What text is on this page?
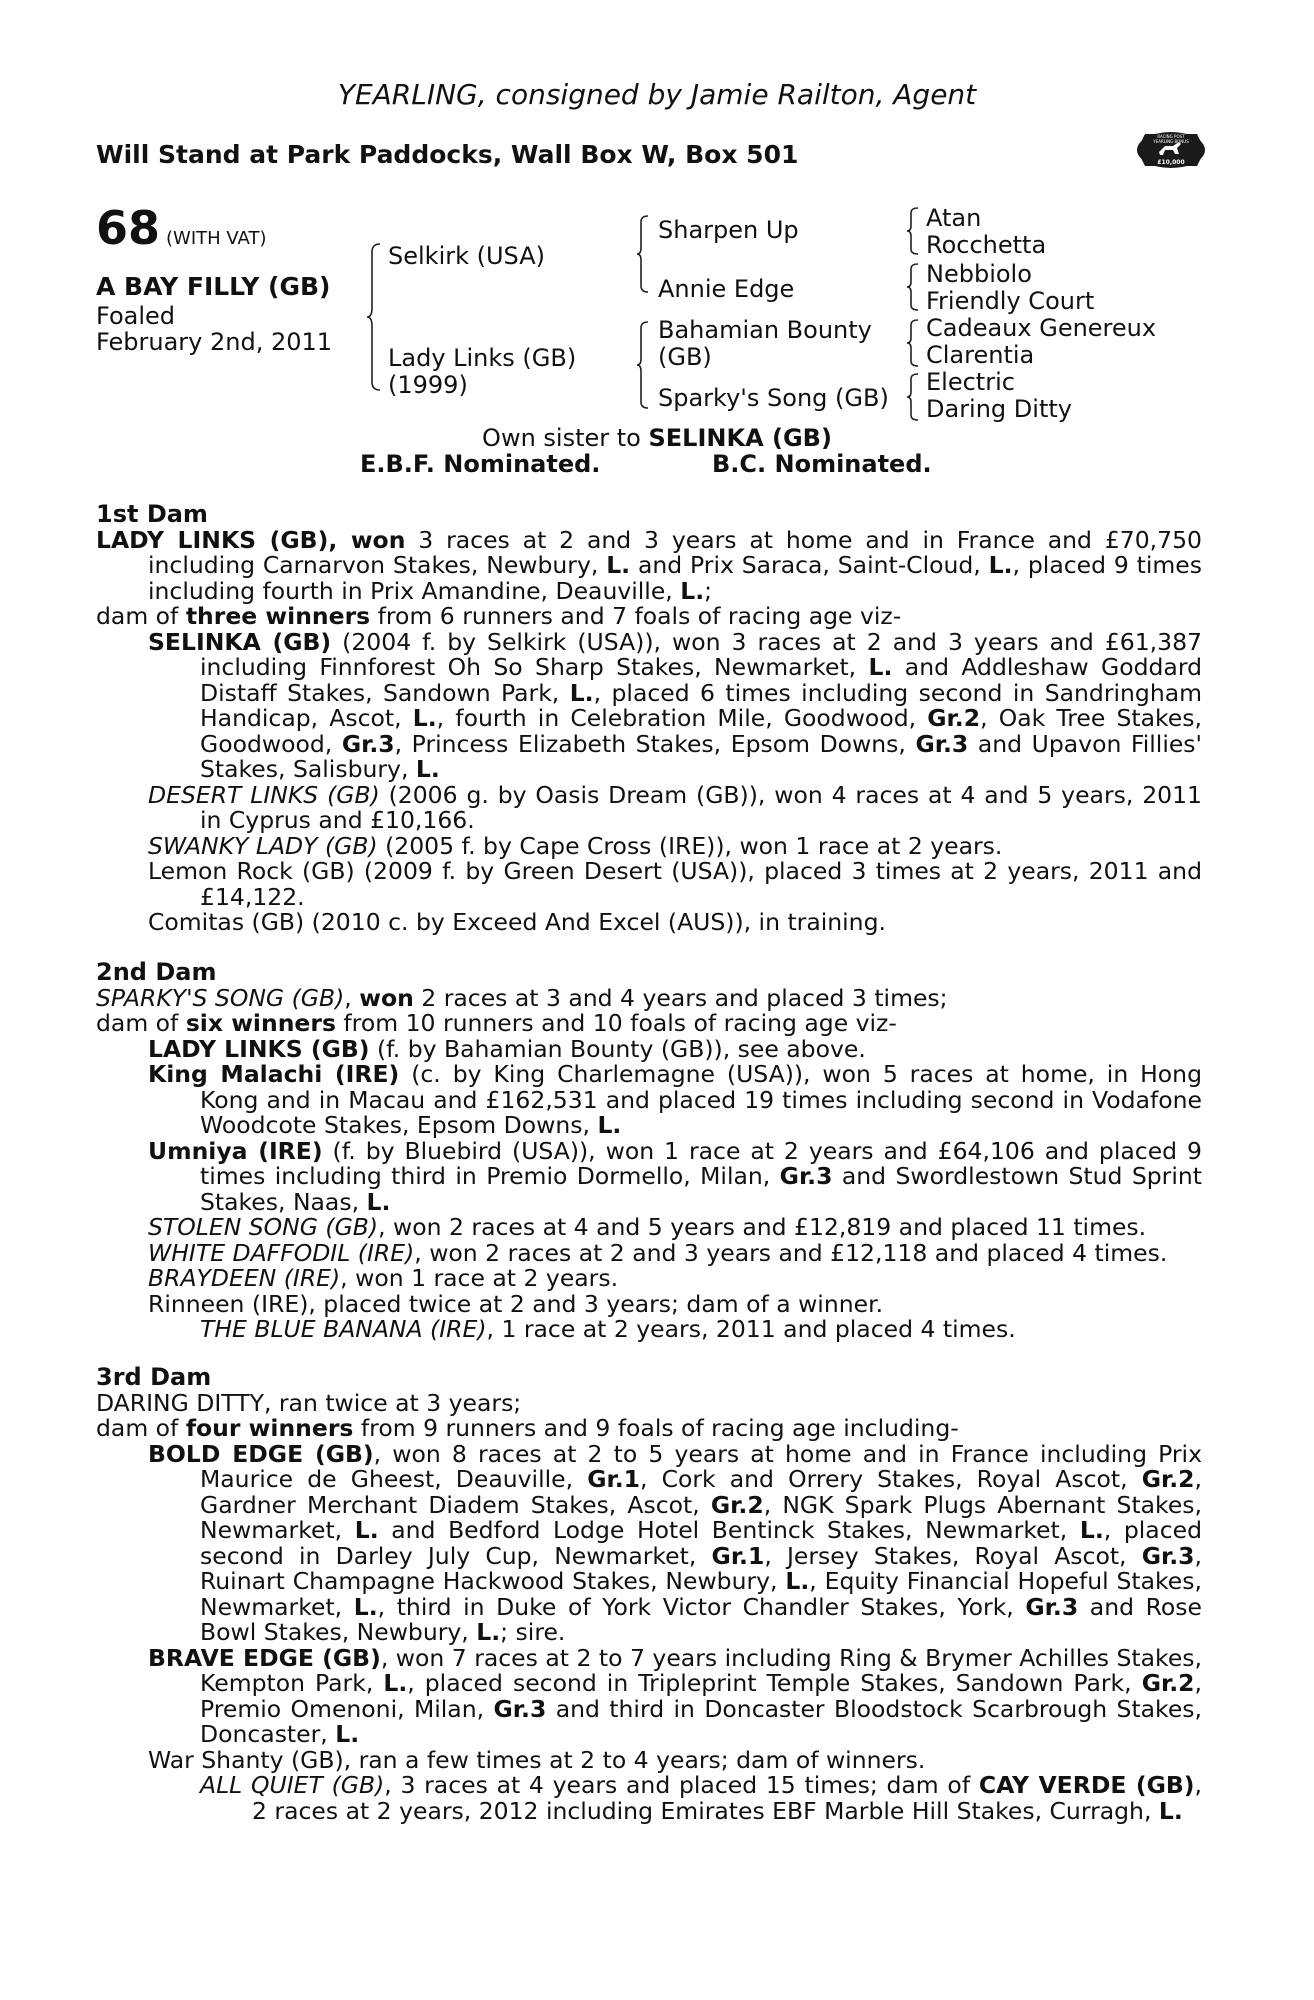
YEARLING, consigned by Jamie Railton, Agent
Will Stand at Park Paddocks, Wall Box W, Box 501
RACING POST
YEARLING BONUS
£10,000
68 (WITH VAT)
A BAY FILLY (GB)
Foaled
February 2nd, 2011
Selkirk (USA)
Lady Links (GB)
(1999)
Sharpen Up
Annie Edge
Bahamian Bounty
(GB)
Sparky's Song (GB)
Atan
Rocchetta
Nebbiolo
Friendly Court
Cadeaux Genereux
Clarentia
Electric
Daring Ditty
Own sister to SELINKA (GB)
E.B.F. Nominated.	B.C. Nominated.
1st Dam

LADY LINKS (GB), won 3 races at 2 and 3 years at home and in France and £70,750 including Carnarvon Stakes, Newbury, L. and Prix Saraca, Saint-Cloud, L., placed 9 times including fourth in Prix Amandine, Deauville, L.;

dam of three winners from 6 runners and 7 foals of racing age viz-

SELINKA (GB) (2004 f. by Selkirk (USA)), won 3 races at 2 and 3 years and £61,387 including Finnforest Oh So Sharp Stakes, Newmarket, L. and Addleshaw Goddard Distaff Stakes, Sandown Park, L., placed 6 times including second in Sandringham Handicap, Ascot, L., fourth in Celebration Mile, Goodwood, Gr.2, Oak Tree Stakes, Goodwood, Gr.3, Princess Elizabeth Stakes, Epsom Downs, Gr.3 and Upavon Fillies' Stakes, Salisbury, L.

DESERT LINKS (GB) (2006 g. by Oasis Dream (GB)), won 4 races at 4 and 5 years, 2011 in Cyprus and £10,166.

SWANKY LADY (GB) (2005 f. by Cape Cross (IRE)), won 1 race at 2 years.

Lemon Rock (GB) (2009 f. by Green Desert (USA)), placed 3 times at 2 years, 2011 and £14,122.

Comitas (GB) (2010 c. by Exceed And Excel (AUS)), in training.

2nd Dam

SPARKY'S SONG (GB), won 2 races at 3 and 4 years and placed 3 times;

dam of six winners from 10 runners and 10 foals of racing age viz-

LADY LINKS (GB) (f. by Bahamian Bounty (GB)), see above.

King Malachi (IRE) (c. by King Charlemagne (USA)), won 5 races at home, in Hong Kong and in Macau and £162,531 and placed 19 times including second in Vodafone Woodcote Stakes, Epsom Downs, L.

Umniya (IRE) (f. by Bluebird (USA)), won 1 race at 2 years and £64,106 and placed 9 times including third in Premio Dormello, Milan, Gr.3 and Swordlestown Stud Sprint Stakes, Naas, L.

STOLEN SONG (GB), won 2 races at 4 and 5 years and £12,819 and placed 11 times.

WHITE DAFFODIL (IRE), won 2 races at 2 and 3 years and £12,118 and placed 4 times.

BRAYDEEN (IRE), won 1 race at 2 years.

Rinneen (IRE), placed twice at 2 and 3 years; dam of a winner.

THE BLUE BANANA (IRE), 1 race at 2 years, 2011 and placed 4 times.

3rd Dam

DARING DITTY, ran twice at 3 years;

dam of four winners from 9 runners and 9 foals of racing age including-

BOLD EDGE (GB), won 8 races at 2 to 5 years at home and in France including Prix Maurice de Gheest, Deauville, Gr.1, Cork and Orrery Stakes, Royal Ascot, Gr.2, Gardner Merchant Diadem Stakes, Ascot, Gr.2, NGK Spark Plugs Abernant Stakes, Newmarket, L. and Bedford Lodge Hotel Bentinck Stakes, Newmarket, L., placed second in Darley July Cup, Newmarket, Gr.1, Jersey Stakes, Royal Ascot, Gr.3, Ruinart Champagne Hackwood Stakes, Newbury, L., Equity Financial Hopeful Stakes, Newmarket, L., third in Duke of York Victor Chandler Stakes, York, Gr.3 and Rose Bowl Stakes, Newbury, L.; sire.

BRAVE EDGE (GB), won 7 races at 2 to 7 years including Ring & Brymer Achilles Stakes, Kempton Park, L., placed second in Tripleprint Temple Stakes, Sandown Park, Gr.2, Premio Omenoni, Milan, Gr.3 and third in Doncaster Bloodstock Scarbrough Stakes, Doncaster, L.

War Shanty (GB), ran a few times at 2 to 4 years; dam of winners.

ALL QUIET (GB), 3 races at 4 years and placed 15 times; dam of CAY VERDE (GB), 2 races at 2 years, 2012 including Emirates EBF Marble Hill Stakes, Curragh, L.
